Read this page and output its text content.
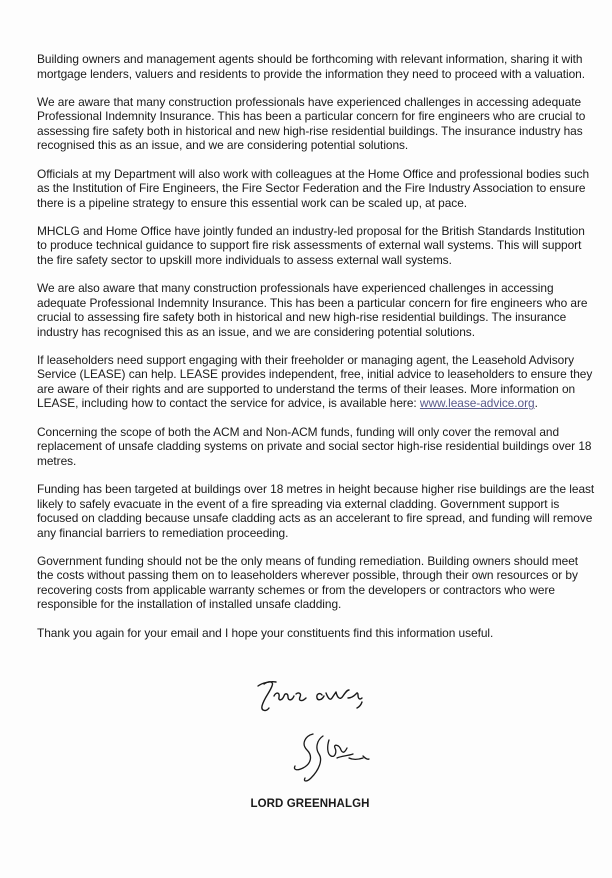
Building owners and management agents should be forthcoming with relevant information, sharing it with mortgage lenders, valuers and residents to provide the information they need to proceed with a valuation.

We are aware that many construction professionals have experienced challenges in accessing adequate Professional Indemnity Insurance. This has been a particular concern for fire engineers who are crucial to assessing fire safety both in historical and new high-rise residential buildings. The insurance industry has recognised this as an issue, and we are considering potential solutions.

Officials at my Department will also work with colleagues at the Home Office and professional bodies such as the Institution of Fire Engineers, the Fire Sector Federation and the Fire Industry Association to ensure there is a pipeline strategy to ensure this essential work can be scaled up, at pace.

MHCLG and Home Office have jointly funded an industry-led proposal for the British Standards Institution to produce technical guidance to support fire risk assessments of external wall systems. This will support the fire safety sector to upskill more individuals to assess external wall systems.

We are also aware that many construction professionals have experienced challenges in accessing adequate Professional Indemnity Insurance. This has been a particular concern for fire engineers who are crucial to assessing fire safety both in historical and new high-rise residential buildings. The insurance industry has recognised this as an issue, and we are considering potential solutions.

If leaseholders need support engaging with their freeholder or managing agent, the Leasehold Advisory Service (LEASE) can help. LEASE provides independent, free, initial advice to leaseholders to ensure they are aware of their rights and are supported to understand the terms of their leases. More information on LEASE, including how to contact the service for advice, is available here: www.lease-advice.org.

Concerning the scope of both the ACM and Non-ACM funds, funding will only cover the removal and replacement of unsafe cladding systems on private and social sector high-rise residential buildings over 18 metres.

Funding has been targeted at buildings over 18 metres in height because higher rise buildings are the least likely to safely evacuate in the event of a fire spreading via external cladding. Government support is focused on cladding because unsafe cladding acts as an accelerant to fire spread, and funding will remove any financial barriers to remediation proceeding.

Government funding should not be the only means of funding remediation. Building owners should meet the costs without passing them on to leaseholders wherever possible, through their own resources or by recovering costs from applicable warranty schemes or from the developers or contractors who were responsible for the installation of installed unsafe cladding.

Thank you again for your email and I hope your constituents find this information useful.

LORD GREENHALGH
